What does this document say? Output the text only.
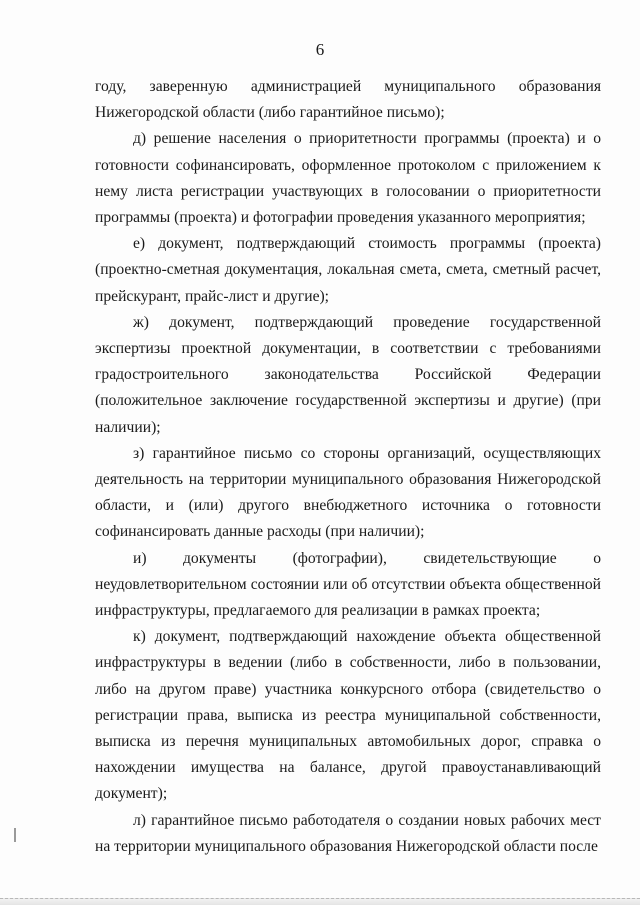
6

году, заверенную администрацией муниципального образования Нижегородской области (либо гарантийное письмо);

д) решение населения о приоритетности программы (проекта) и о готовности софинансировать, оформленное протоколом с приложением к нему листа регистрации участвующих в голосовании о приоритетности программы (проекта) и фотографии проведения указанного мероприятия;

е) документ, подтверждающий стоимость программы (проекта) (проектно-сметная документация, локальная смета, смета, сметный расчет, прейскурант, прайс-лист и другие);

ж) документ, подтверждающий проведение государственной экспертизы проектной документации, в соответствии с требованиями градостроительного законодательства Российской Федерации (положительное заключение государственной экспертизы и другие) (при наличии);

з) гарантийное письмо со стороны организаций, осуществляющих деятельность на территории муниципального образования Нижегородской области, и (или) другого внебюджетного источника о готовности софинансировать данные расходы (при наличии);

и) документы (фотографии), свидетельствующие о неудовлетворительном состоянии или об отсутствии объекта общественной инфраструктуры, предлагаемого для реализации в рамках проекта;

к) документ, подтверждающий нахождение объекта общественной инфраструктуры в ведении (либо в собственности, либо в пользовании, либо на другом праве) участника конкурсного отбора (свидетельство о регистрации права, выписка из реестра муниципальной собственности, выписка из перечня муниципальных автомобильных дорог, справка о нахождении имущества на балансе, другой правоустанавливающий документ);

л) гарантийное письмо работодателя о создании новых рабочих мест на территории муниципального образования Нижегородской области после
